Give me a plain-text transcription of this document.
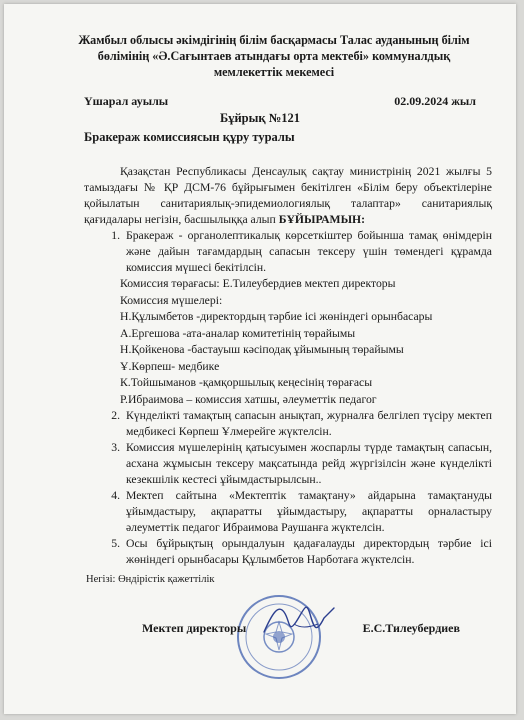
Жамбыл облысы әкімдігінің білім басқармасы Талас ауданының білім
бөлімінің «Ә.Сағынтаев атындағы орта мектебі» коммуналдық
мемлекеттік мекемесі
Үшарал ауылы	02.09.2024 жыл
Бұйрық №121
Бракераж комиссиясын құру туралы

Қазақстан Республикасы Денсаулық сақтау министрінің 2021 жылғы 5 тамыздағы № ҚР ДСМ-76 бұйрығымен бекітілген «Білім беру объектілеріне қойылатын санитариялық-эпидемиологиялық талаптар» санитариялық қағидалары негізін, басшылыққа алып БҰЙЫРАМЫН:

1. Бракераж - органолептикалық көрсеткіштер бойынша тамақ өнімдерін және дайын тағамдардың сапасын тексеру үшін төмендегі құрамда комиссия мүшесі бекітілсін.
Комиссия төрағасы: Е.Тилеубердиев мектеп директоры
Комиссия мүшелері:
Н.Құлымбетов -директордың тәрбие ісі жөніндегі орынбасары
А.Ергешова -ата-аналар комитетінің төрайымы
Н.Қойкенова -бастауыш кәсіподақ ұйымының төрайымы
Ұ.Көрпеш- медбике
К.Тойшыманов -қамқоршылық кеңесінің төрағасы
Р.Ибраимова – комиссия хатшы, әлеуметтік педагог
2. Күнделікті тамақтың сапасын анықтап, журналға белгілеп түсіру мектеп медбикесі Көрпеш Ұлмерейге жүктелсін.
3. Комиссия мүшелерінің қатысуымен жоспарлы түрде тамақтың сапасын, асхана жұмысын тексеру мақсатында рейд жүргізілсін және күнделікті кезекшілік кестесі ұйымдастырылсын..
4. Мектеп сайтына «Мектептік тамақтану» айдарына тамақтануды ұйымдастыру, ақпаратты ұйымдастыру, ақпаратты орналастыру әлеуметтік педагог Ибраимова Раушанға жүктелсін.
5. Осы бұйрықтың орындалуын қадағалауды директордың тәрбие ісі жөніндегі орынбасары Құлымбетов Нарботаға жүктелсін.
Негізі: Өндірістік қажеттілік
Мектеп директоры	Е.С.Тилеубердиев
